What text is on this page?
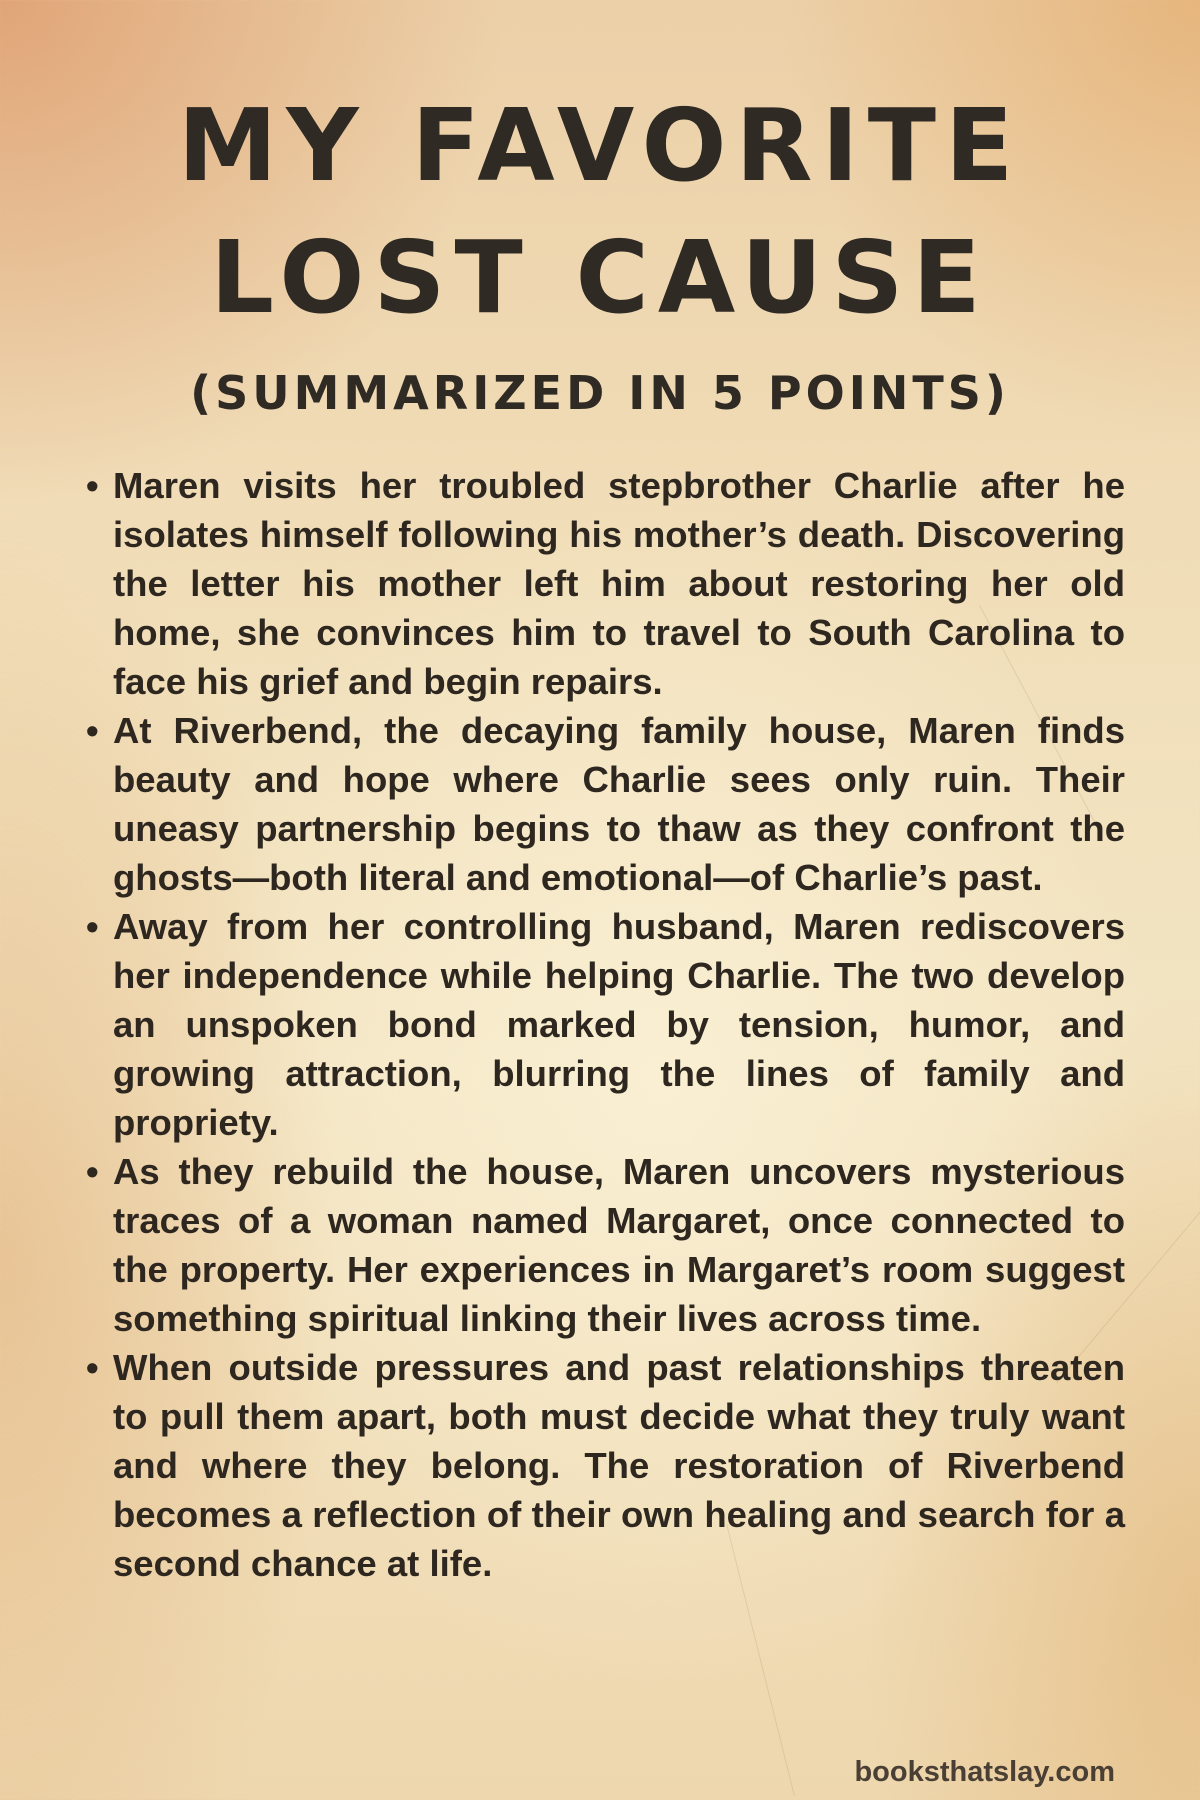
MY FAVORITE
LOST CAUSE
(SUMMARIZED IN 5 POINTS)
• Maren visits her troubled stepbrother Charlie after he isolates himself following his mother’s death. Discovering the letter his mother left him about restoring her old home, she convinces him to travel to South Carolina to face his grief and begin repairs.
• At Riverbend, the decaying family house, Maren finds beauty and hope where Charlie sees only ruin. Their uneasy partnership begins to thaw as they confront the ghosts—both literal and emotional—of Charlie’s past.
• Away from her controlling husband, Maren rediscovers her independence while helping Charlie. The two develop an unspoken bond marked by tension, humor, and growing attraction, blurring the lines of family and propriety.
• As they rebuild the house, Maren uncovers mysterious traces of a woman named Margaret, once connected to the property. Her experiences in Margaret’s room suggest something spiritual linking their lives across time.
• When outside pressures and past relationships threaten to pull them apart, both must decide what they truly want and where they belong. The restoration of Riverbend becomes a reflection of their own healing and search for a second chance at life.
booksthatslay.com
